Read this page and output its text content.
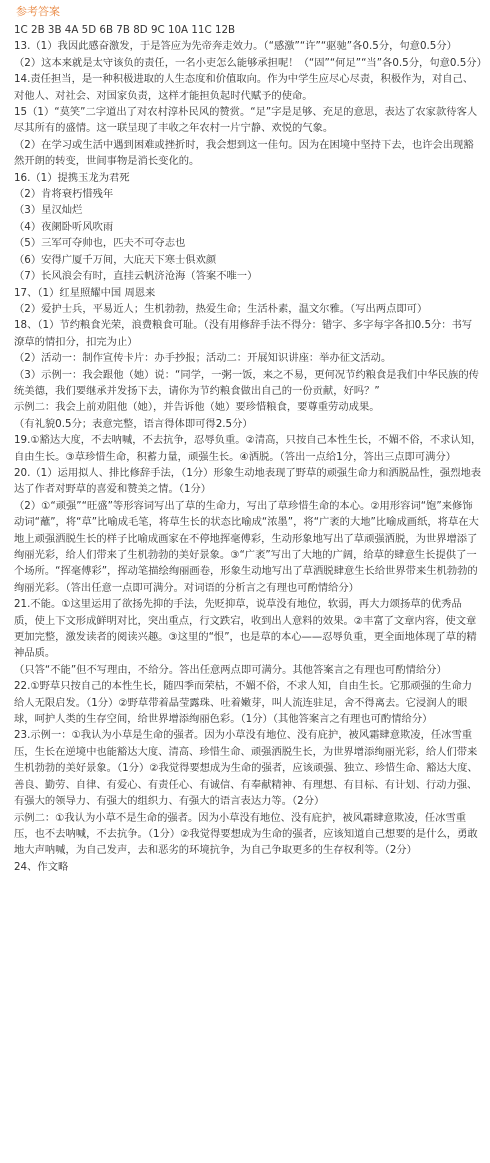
参考答案

1C 2B 3B 4A 5D 6B 7B 8D 9C 10A 11C 12B

13.（1）我因此感奋激发，于是答应为先帝奔走效力。（“感激”“许”“驱驰”各0.5分，句意0.5分）

（2）这本来就是太守该负的责任，一名小吏怎么能够承担呢！（“固”“何足”“当”各0.5分，句意0.5分）

14.责任担当，是一种积极进取的人生态度和价值取向。作为中学生应尽心尽责，积极作为，对自己、对他人、对社会、对国家负责，这样才能担负起时代赋予的使命。

15（1）“莫笑”二字道出了对农村淳朴民风的赞赏。“足”字是足够、充足的意思，表达了农家款待客人尽其所有的盛情。这一联呈现了丰收之年农村一片宁静、欢悦的气象。

（2）在学习或生活中遇到困难或挫折时，我会想到这一佳句。因为在困境中坚持下去，也许会出现豁然开朗的转变，世间事物是消长变化的。

16.（1）提携玉龙为君死

（2）肯将衰朽惜残年

（3）星汉灿烂

（4）夜阑卧听风吹雨

（5）三军可夺帅也，匹夫不可夺志也

（6）安得广厦千万间，大庇天下寒士俱欢颜

（7）长风浪会有时，直挂云帆济沧海（答案不唯一）

17、（1）红星照耀中国 周恩来

（2）爱护士兵，平易近人；生机勃勃，热爱生命；生活朴素，温文尔雅。（写出两点即可）

18、（1）节约粮食光荣，浪费粮食可耻。（没有用修辞手法不得分：错字、多字每字各扣0.5分：书写潦草的情扣分，扣完为止）

（2）活动一：制作宣传卡片：办手抄报；活动二：开展知识讲座：举办征文活动。

（3）示例一：我会跟他（她）说：“同学，一粥一饭，来之不易，更何况节约粮食是我们中华民族的传统美德，我们要继承并发扬下去，请你为节约粮食做出自己的一份贡献，好吗？”

示例二：我会上前劝阻他（她），并告诉他（她）要珍惜粮食，要尊重劳动成果。

（有礼貌0.5分；表意完整，语言得体即可得2.5分）

19.①豁达大度，不去呐喊，不去抗争，忍辱负重。②清高，只按自己本性生长，不媚不俗，不求认知，自由生长。③草珍惜生命，积蓄力量，顽强生长。④洒脱。（答出一点给1分，答出三点即可满分）

20.（1）运用拟人、排比修辞手法，（1分）形象生动地表现了野草的顽强生命力和洒脱品性，强烈地表达了作者对野草的喜爱和赞美之情。（1分）

（2）①“顽强”“旺盛”等形容词写出了草的生命力，写出了草珍惜生命的本心。②用形容词“饱”来修饰动词“蘸”，将“草”比喻成毛笔，将草生长的状态比喻成“浓墨”，将“广袤的大地”比喻成画纸，将草在大地上顽强洒脱生长的样子比喻成画家在不停地挥毫傅彩，生动形象地写出了草顽强洒脱，为世界增添了绚丽光彩，给人们带来了生机勃勃的美好景象。③“广袤”写出了大地的广阔，给草的肆意生长提供了一个场所。“挥毫傅彩”，挥动笔描绘绚丽画卷，形象生动地写出了草洒脱肆意生长给世界带来生机勃勃的绚丽光彩。（答出任意一点即可满分。对词语的分析言之有理也可酌情给分）

21.不能。①这里运用了欲扬先抑的手法，先贬抑草，说草没有地位，软弱，再大力颂扬草的优秀品质，使上下文形成鲜明对比，突出重点，行文跌宕，收到出人意料的效果。②丰富了文章内容，使文章更加完整，激发读者的阅读兴趣。③这里的“恨”，也是草的本心——忍辱负重，更全面地体现了草的精神品质。

（只答“不能”但不写理由，不给分。答出任意两点即可满分。其他答案言之有理也可酌情给分）

22.①野草只按自己的本性生长，随四季而荣枯，不媚不俗，不求人知，自由生长。它那顽强的生命力给人无限启发。（1分）②野草带着晶莹露珠、吐着嫩芽，叫人流连驻足，舍不得离去。它浸润人的眼球，呵护人类的生存空间，给世界增添绚丽色彩。（1分）（其他答案言之有理也可酌情给分）

23.示例一：①我认为小草是生命的强者。因为小草没有地位、没有庇护，被风霜肆意欺凌，任冰雪重压，生长在逆境中也能豁达大度、清高、珍惜生命、顽强洒脱生长，为世界增添绚丽光彩，给人们带来生机勃勃的美好景象。（1分）②我觉得要想成为生命的强者，应该顽强、独立、珍惜生命、豁达大度、善良、勤劳、自律、有爱心、有责任心、有诚信、有奉献精神、有理想、有目标、有计划、行动力强、有强大的领导力、有强大的组织力、有强大的语言表达力等。（2分）

示例二：①我认为小草不是生命的强者。因为小草没有地位、没有庇护，被风霜肆意欺凌，任冰雪重压，也不去呐喊，不去抗争。（1分）②我觉得要想成为生命的强者，应该知道自己想要的是什么，勇敢地大声呐喊，为自己发声，去和恶劣的环境抗争，为自己争取更多的生存权利等。（2分）

24、作文略
